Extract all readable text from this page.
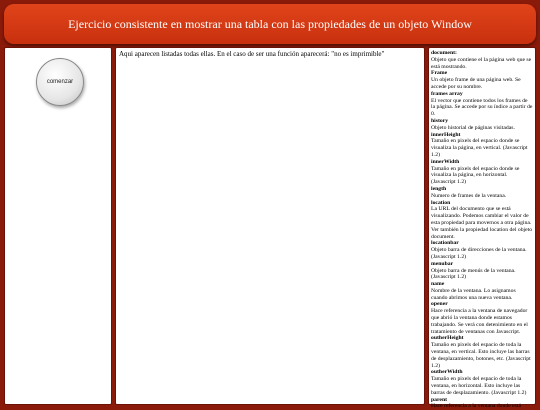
Ejercicio consistente en mostrar una tabla con las propiedades de un objeto Window
comenzar
Aqui aparecen listadas todas ellas. En el caso de ser una función aparecerá: "no es imprimible"	document:
Objeto que contiene el la página web que se está mostrando.
Frame
Un objeto frame de una página web. Se accede por su nombre.
frames array
El vector que contiene todos los frames de la página. Se accede por su índice a partir de 0.
history
Objeto historial de páginas visitadas.
innerHeight
Tamaño en pixels del espacio donde se visualiza la página, en vertical. (Javascript 1.2)
innerWidth
Tamaño en pixels del espacio donde se visualiza la página, en horizontal. (Javascript 1.2)
length
Numero de frames de la ventana.
location
La URL del documento que se está visualizando. Podemos cambiar el valor de esta propiedad para movernos a otra página. Ver también la propiedad location del objeto document.
locationbar
Objeto barra de direcciones de la ventana. (Javascript 1.2)
menubar
Objeto barra de menús de la ventana. (Javascript 1.2)
name
Nombre de la ventana. Lo asignamos cuando abrimos una nueva ventana.
opener
Hace referencia a la ventana de navegador que abrió la ventana donde estamos trabajando. Se verá con detenimiento en el tratamiento de ventanas con Javascript.
outherHeight
Tamaño en pixels del espacio de toda la ventana, en vertical. Esto incluye las barras de desplazamiento, botones, etc. (Javascript 1.2)
outherWidth
Tamaño en pixels del espacio de toda la ventana, en horizontal. Esto incluye las barras de desplazamiento. (Javascript 1.2)
parent
Hace referencia a la ventana donde está
